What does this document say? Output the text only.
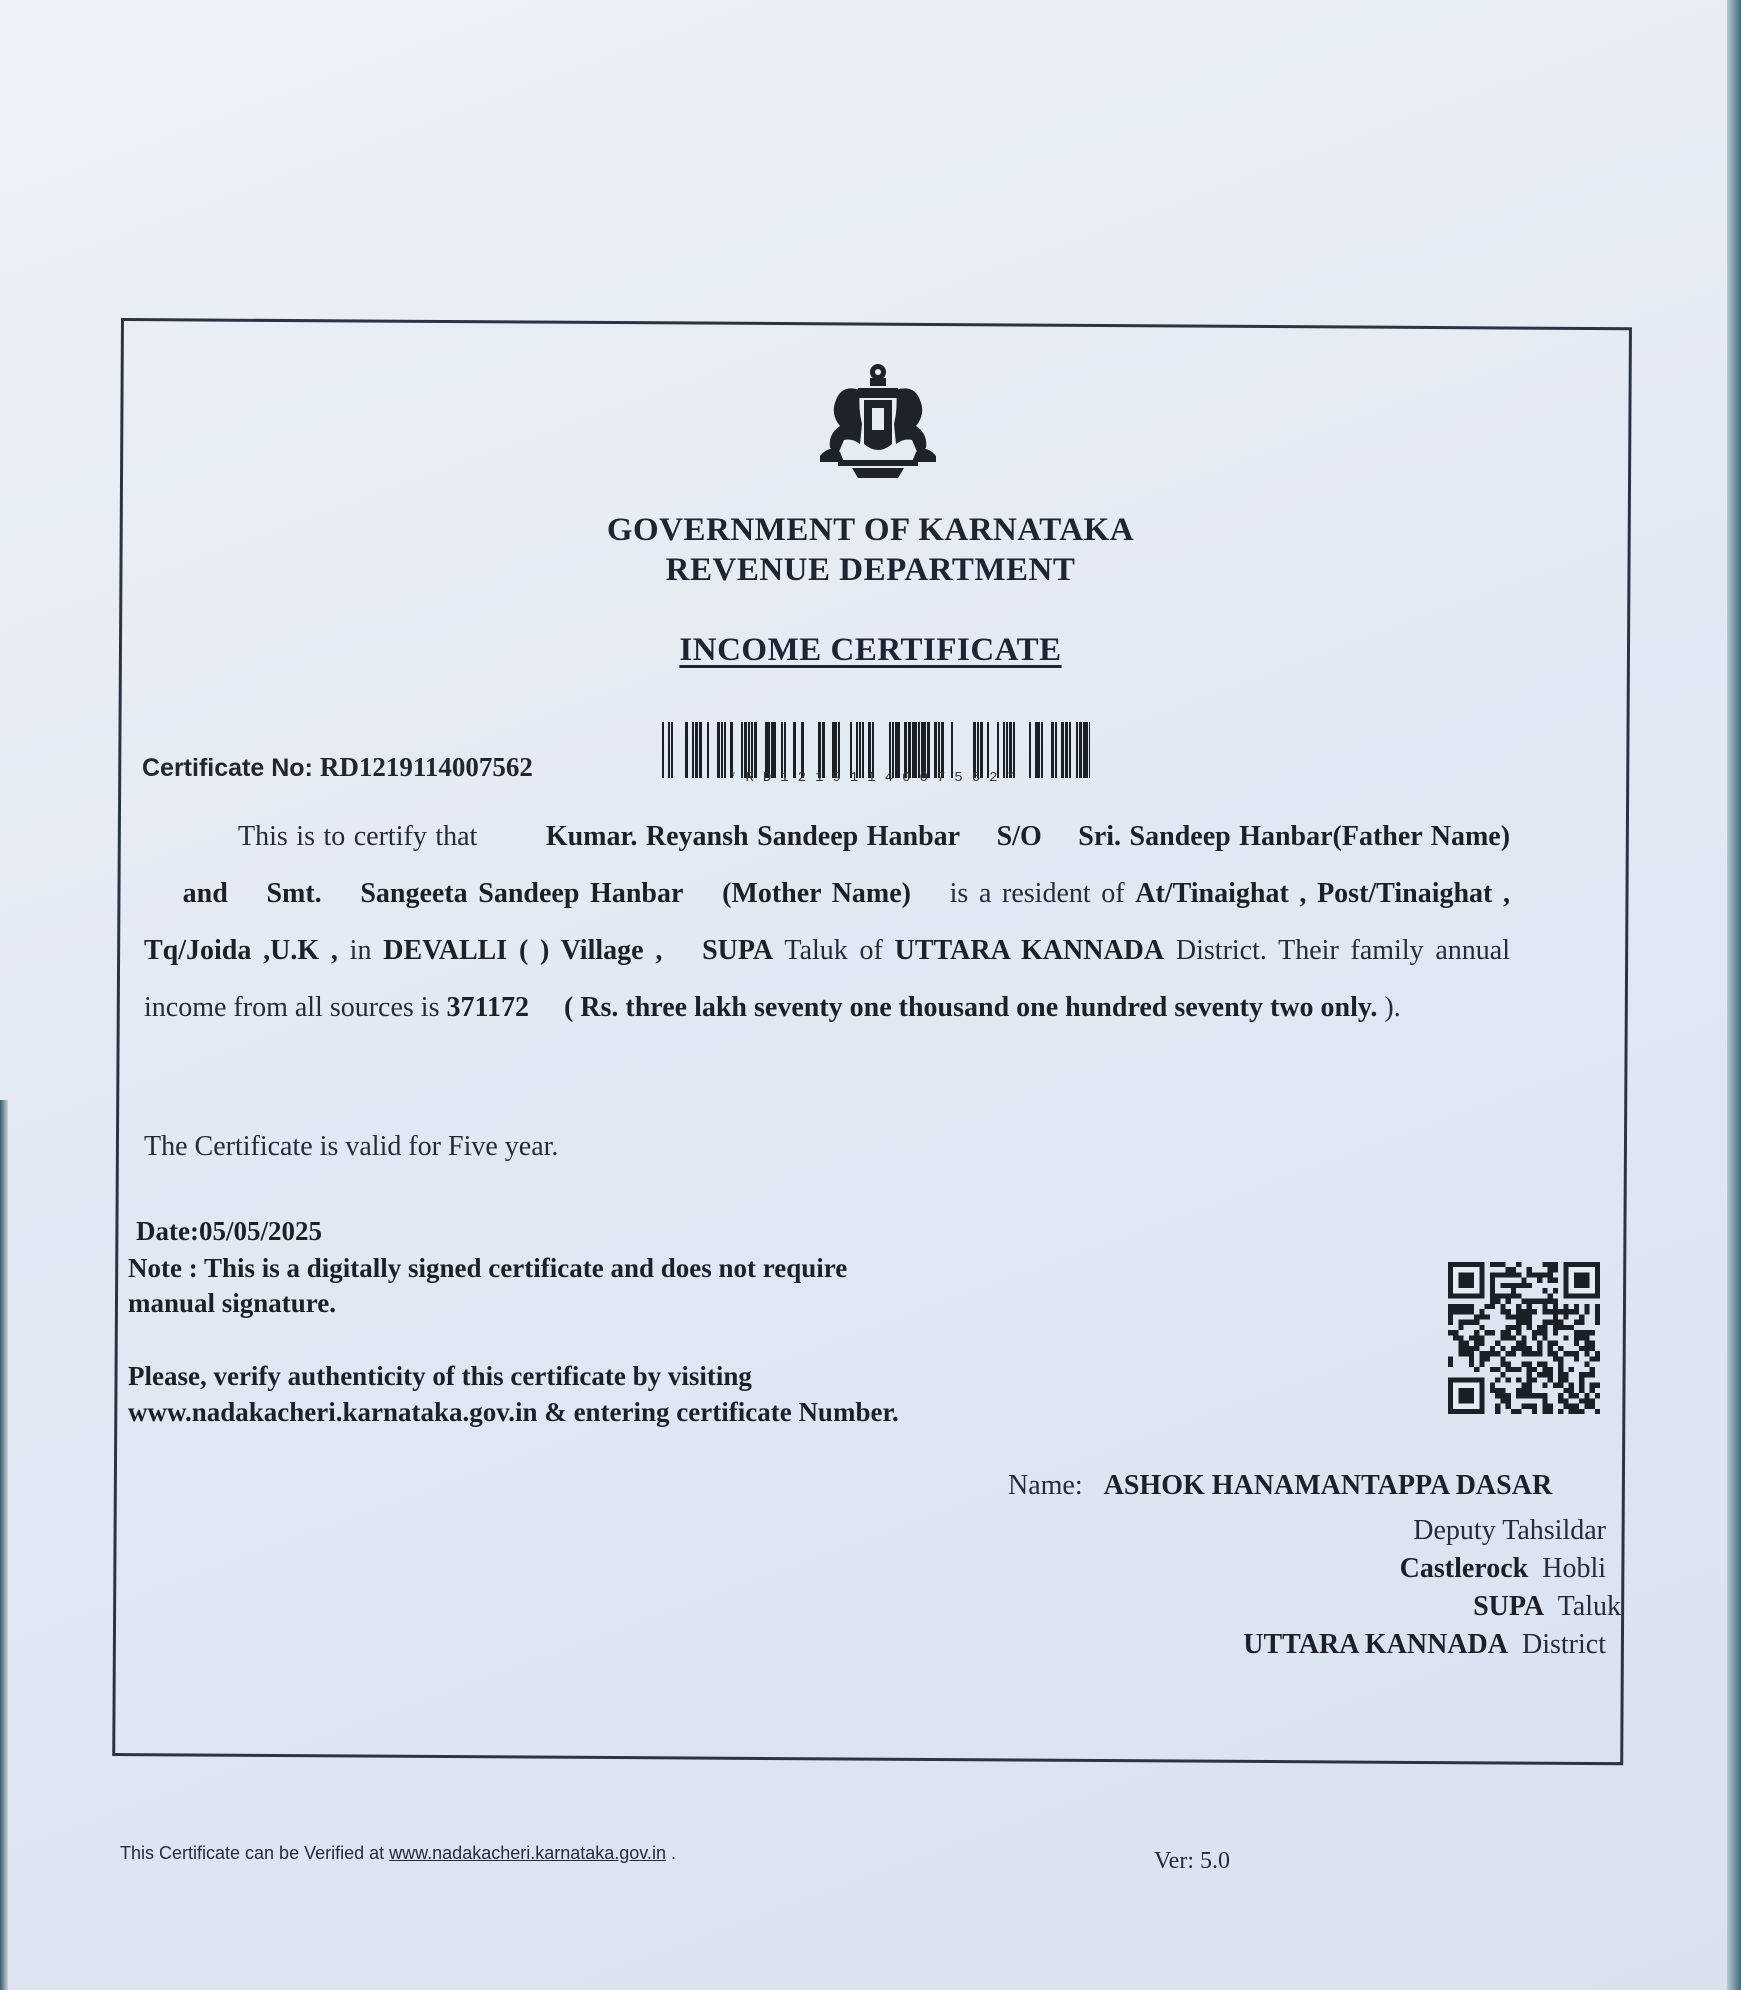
GOVERNMENT OF KARNATAKA
REVENUE DEPARTMENT
INCOME CERTIFICATE
Certificate No: RD1219114007562	*RD1219114007562*
This is to certify that Kumar. Reyansh Sandeep Hanbar S/O Sri. Sandeep Hanbar(Father Name) and Smt. Sangeeta Sandeep Hanbar (Mother Name) is a resident of At/Tinaighat , Post/Tinaighat , Tq/Joida ,U.K , in DEVALLI ( ) Village , SUPA Taluk of UTTARA KANNADA District. Their family annual income from all sources is 371172 ( Rs. three lakh seventy one thousand one hundred seventy two only. ).
The Certificate is valid for Five year.
Date:05/05/2025
Note : This is a digitally signed certificate and does not require manual signature.
Please, verify authenticity of this certificate by visiting www.nadakacheri.karnataka.gov.in & entering certificate Number.
Name: ASHOK HANAMANTAPPA DASAR
Deputy Tahsildar
Castlerock Hobli
SUPA Taluk
UTTARA KANNADA District
This Certificate can be Verified at www.nadakacheri.karnataka.gov.in .	Ver: 5.0
